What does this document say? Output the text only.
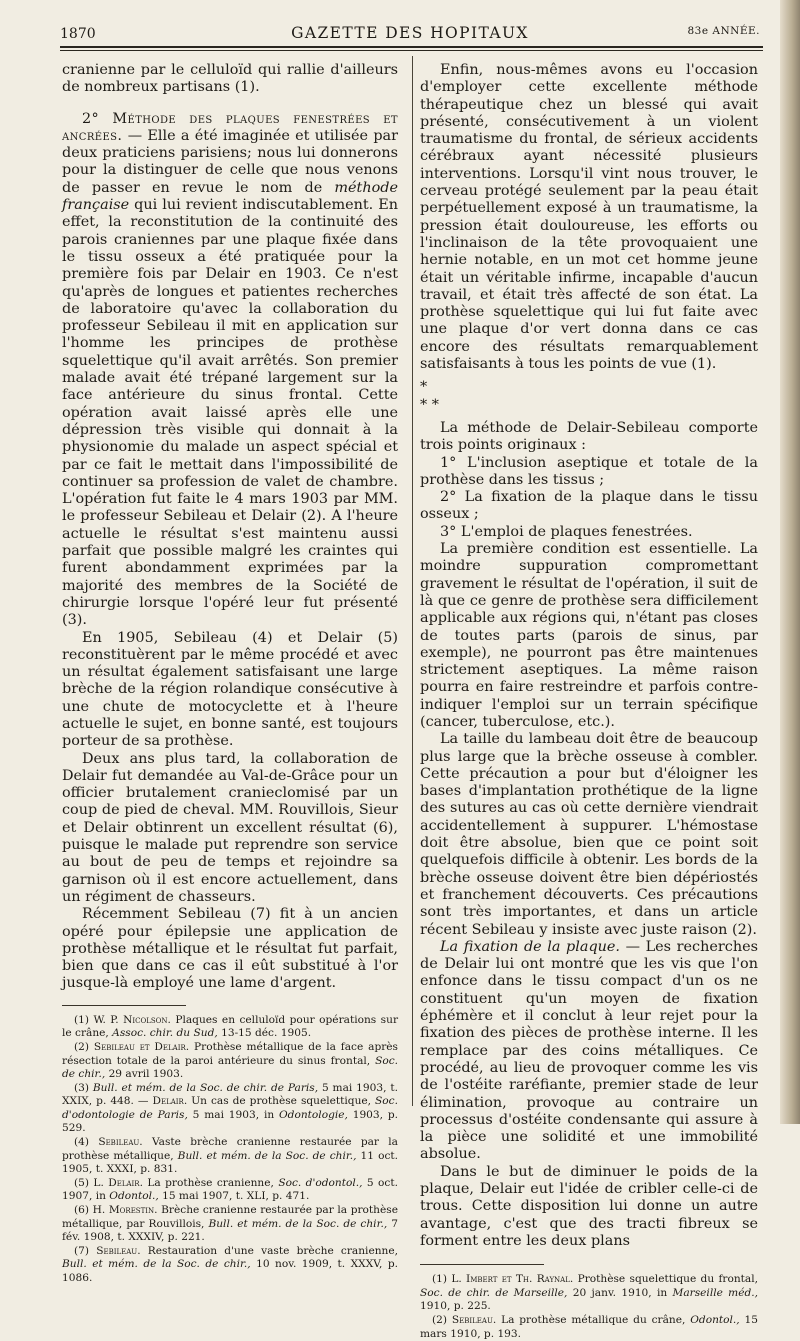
1870	GAZETTE DES HOPITAUX	83e ANNÉE.

cranienne par le celluloïd qui rallie d'ailleurs de nombreux partisans (1).

2° Méthode des plaques fenestrées et ancrées. — Elle a été imaginée et utilisée par deux praticiens parisiens; nous lui donnerons pour la distinguer de celle que nous venons de passer en revue le nom de méthode française qui lui revient indiscutablement. En effet, la reconstitution de la continuité des parois craniennes par une plaque fixée dans le tissu osseux a été pratiquée pour la première fois par Delair en 1903. Ce n'est qu'après de longues et patientes recherches de laboratoire qu'avec la collaboration du professeur Sebileau il mit en application sur l'homme les principes de prothèse squelettique qu'il avait arrêtés. Son premier malade avait été trépané largement sur la face antérieure du sinus frontal. Cette opération avait laissé après elle une dépression très visible qui donnait à la physionomie du malade un aspect spécial et par ce fait le mettait dans l'impossibilité de continuer sa profession de valet de chambre. L'opération fut faite le 4 mars 1903 par MM. le professeur Sebileau et Delair (2). A l'heure actuelle le résultat s'est maintenu aussi parfait que possible malgré les craintes qui furent abondamment exprimées par la majorité des membres de la Société de chirurgie lorsque l'opéré leur fut présenté (3).

En 1905, Sebileau (4) et Delair (5) reconstituèrent par le même procédé et avec un résultat également satisfaisant une large brèche de la région rolandique consécutive à une chute de motocyclette et à l'heure actuelle le sujet, en bonne santé, est toujours porteur de sa prothèse.

Deux ans plus tard, la collaboration de Delair fut demandée au Val-de-Grâce pour un officier brutalement cranieclomisé par un coup de pied de cheval. MM. Rouvillois, Sieur et Delair obtinrent un excellent résultat (6), puisque le malade put reprendre son service au bout de peu de temps et rejoindre sa garnison où il est encore actuellement, dans un régiment de chasseurs.

Récemment Sebileau (7) fit à un ancien opéré pour épilepsie une application de prothèse métallique et le résultat fut parfait, bien que dans ce cas il eût substitué à l'or jusque-là employé une lame d'argent.

(1) W. P. Nicolson. Plaques en celluloïd pour opérations sur le crâne, Assoc. chir. du Sud, 13-15 déc. 1905.

(2) Sebileau et Delair. Prothèse métallique de la face après résection totale de la paroi antérieure du sinus frontal, Soc. de chir., 29 avril 1903.

(3) Bull. et mém. de la Soc. de chir. de Paris, 5 mai 1903, t. XXIX, p. 448. — Delair. Un cas de prothèse squelettique, Soc. d'odontologie de Paris, 5 mai 1903, in Odontologie, 1903, p. 529.

(4) Sebileau. Vaste brèche cranienne restaurée par la prothèse métallique, Bull. et mém. de la Soc. de chir., 11 oct. 1905, t. XXXI, p. 831.

(5) L. Delair. La prothèse cranienne, Soc. d'odontol., 5 oct. 1907, in Odontol., 15 mai 1907, t. XLI, p. 471.

(6) H. Morestin. Brèche cranienne restaurée par la prothèse métallique, par Rouvillois, Bull. et mém. de la Soc. de chir., 7 fév. 1908, t. XXXIV, p. 221.

(7) Sebileau. Restauration d'une vaste brèche cranienne, Bull. et mém. de la Soc. de chir., 10 nov. 1909, t. XXXV, p. 1086.

Enfin, nous-mêmes avons eu l'occasion d'employer cette excellente méthode thérapeutique chez un blessé qui avait présenté, consécutivement à un violent traumatisme du frontal, de sérieux accidents cérébraux ayant nécessité plusieurs interventions. Lorsqu'il vint nous trouver, le cerveau protégé seulement par la peau était perpétuellement exposé à un traumatisme, la pression était douloureuse, les efforts ou l'inclinaison de la tête provoquaient une hernie notable, en un mot cet homme jeune était un véritable infirme, incapable d'aucun travail, et était très affecté de son état. La prothèse squelettique qui lui fut faite avec une plaque d'or vert donna dans ce cas encore des résultats remarquablement satisfaisants à tous les points de vue (1).

*

* *

La méthode de Delair-Sebileau comporte trois points originaux :

1° L'inclusion aseptique et totale de la prothèse dans les tissus ;

2° La fixation de la plaque dans le tissu osseux ;

3° L'emploi de plaques fenestrées.

La première condition est essentielle. La moindre suppuration compromettant gravement le résultat de l'opération, il suit de là que ce genre de prothèse sera difficilement applicable aux régions qui, n'étant pas closes de toutes parts (parois de sinus, par exemple), ne pourront pas être maintenues strictement aseptiques. La même raison pourra en faire restreindre et parfois contre-indiquer l'emploi sur un terrain spécifique (cancer, tuberculose, etc.).

La taille du lambeau doit être de beaucoup plus large que la brèche osseuse à combler. Cette précaution a pour but d'éloigner les bases d'implantation prothétique de la ligne des sutures au cas où cette dernière viendrait accidentellement à suppurer. L'hémostase doit être absolue, bien que ce point soit quelquefois difficile à obtenir. Les bords de la brèche osseuse doivent être bien dépériostés et franchement découverts. Ces précautions sont très importantes, et dans un article récent Sebileau y insiste avec juste raison (2).

La fixation de la plaque. — Les recherches de Delair lui ont montré que les vis que l'on enfonce dans le tissu compact d'un os ne constituent qu'un moyen de fixation éphémère et il conclut à leur rejet pour la fixation des pièces de prothèse interne. Il les remplace par des coins métalliques. Ce procédé, au lieu de provoquer comme les vis de l'ostéite raréfiante, premier stade de leur élimination, provoque au contraire un processus d'ostéite condensante qui assure à la pièce une solidité et une immobilité absolue.

Dans le but de diminuer le poids de la plaque, Delair eut l'idée de cribler celle-ci de trous. Cette disposition lui donne un autre avantage, c'est que des tracti fibreux se forment entre les deux plans

(1) L. Imbert et Th. Raynal. Prothèse squelettique du frontal, Soc. de chir. de Marseille, 20 janv. 1910, in Marseille méd., 1910, p. 225.

(2) Sebileau. La prothèse métallique du crâne, Odontol., 15 mars 1910, p. 193.
